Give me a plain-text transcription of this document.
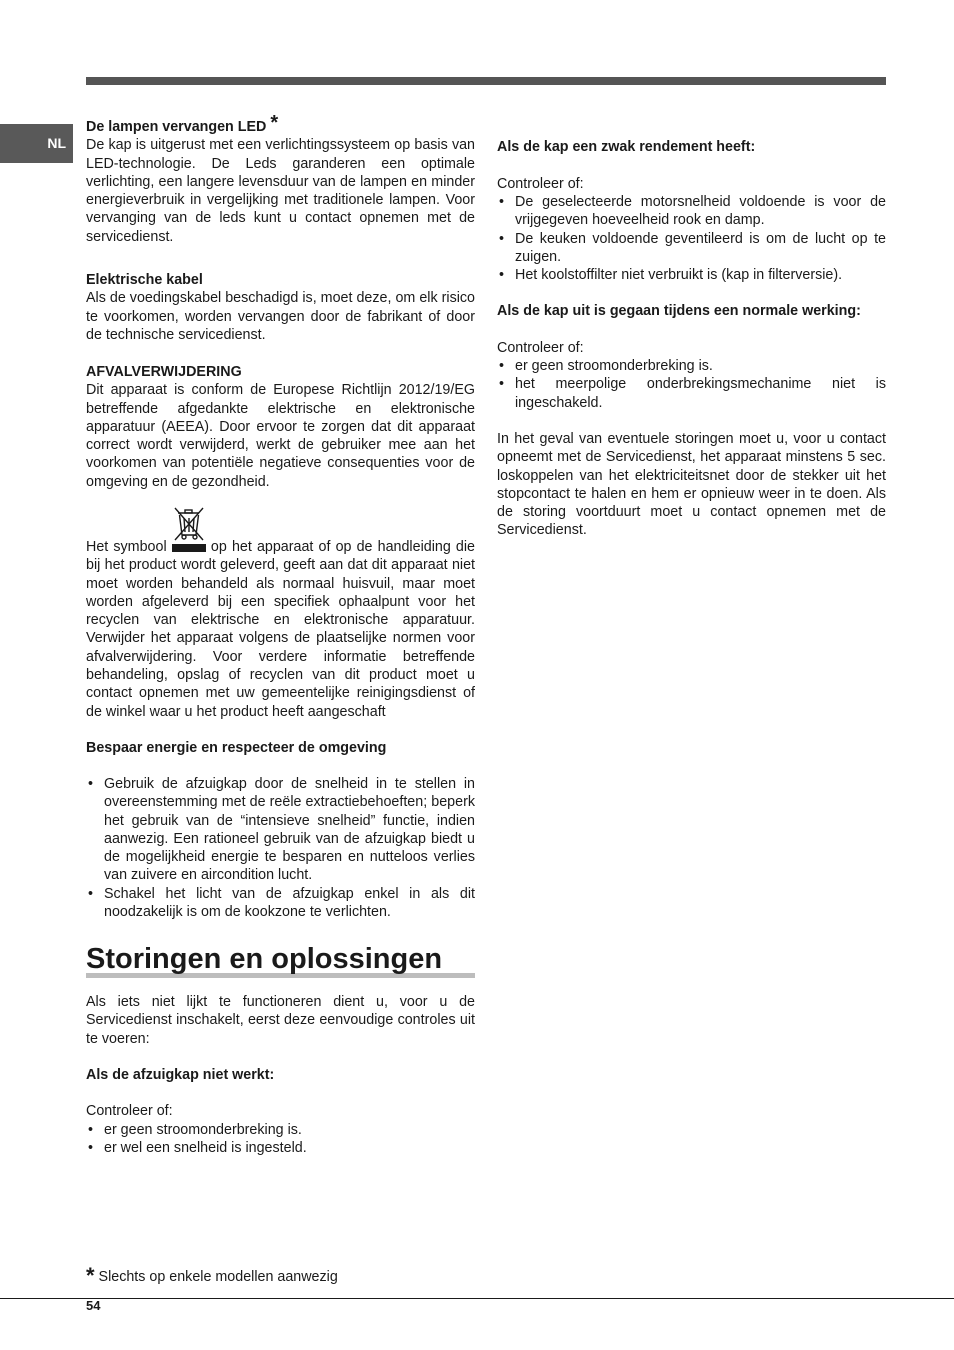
NL
De lampen vervangen LED *

De kap is uitgerust met een verlichtingssysteem op basis van LED-technologie. De Leds garanderen een optimale verlichting, een langere levensduur van de lampen en minder energieverbruik in vergelijking met traditionele lampen. Voor vervanging van de leds kunt u contact opnemen met de servicedienst.

Elektrische kabel

Als de voedingskabel beschadigd is, moet deze, om elk risico te voorkomen, worden vervangen door de fabrikant of door de technische servicedienst.

AFVALVERWIJDERING

Dit apparaat is conform de Europese Richtlijn 2012/19/EG betreffende afgedankte elektrische en elektronische apparatuur (AEEA). Door ervoor te zorgen dat dit apparaat correct wordt verwijderd, werkt de gebruiker mee aan het voorkomen van potentiële negatieve consequenties voor de omgeving en de gezondheid.

Het symbool	op het apparaat of op de handleiding die bij het product wordt geleverd, geeft aan dat dit apparaat niet moet worden behandeld als normaal huisvuil, maar moet worden afgeleverd bij een specifiek ophaalpunt voor het recyclen van elektrische en elektronische apparatuur. Verwijder het apparaat volgens de plaatselijke normen voor afvalverwijdering. Voor verdere informatie betreffende behandeling, opslag of recyclen van dit product moet u contact opnemen met uw gemeentelijke reinigingsdienst of de winkel waar u het product heeft aangeschaft

Bespaar energie en respecteer de omgeving
• Gebruik de afzuigkap door de snelheid in te stellen in overeenstemming met de reële extractiebehoeften; beperk het gebruik van de “intensieve snelheid” functie, indien aanwezig. Een rationeel gebruik van de afzuigkap biedt u de mogelijkheid energie te besparen en nutteloos verlies van zuivere en aircondition lucht.
• Schakel het licht van de afzuigkap enkel in als dit noodzakelijk is om de kookzone te verlichten.
Storingen en oplossingen

Als iets niet lijkt te functioneren dient u, voor u de Servicedienst inschakelt, eerst deze eenvoudige controles uit te voeren:

Als de afzuigkap niet werkt:
Controleer of:
• er geen stroomonderbreking is.
• er wel een snelheid is ingesteld.
Als de kap een zwak rendement heeft:
Controleer of:
• De geselecteerde motorsnelheid voldoende is voor de vrijgegeven hoeveelheid rook en damp.
• De keuken voldoende geventileerd is om de lucht op te zuigen.
• Het koolstoffilter niet verbruikt is (kap in filterversie).
Als de kap uit is gegaan tijdens een normale werking:
Controleer of:
• er geen stroomonderbreking is.
• het meerpolige onderbrekingsmechanime niet is ingeschakeld.

In het geval van eventuele storingen moet u, voor u contact opneemt met de Servicedienst, het apparaat minstens 5 sec. loskoppelen van het elektriciteitsnet door de stekker uit het stopcontact te halen en hem er opnieuw weer in te doen. Als de storing voortduurt moet u contact opnemen met de Servicedienst.

* Slechts op enkele modellen aanwezig
54
